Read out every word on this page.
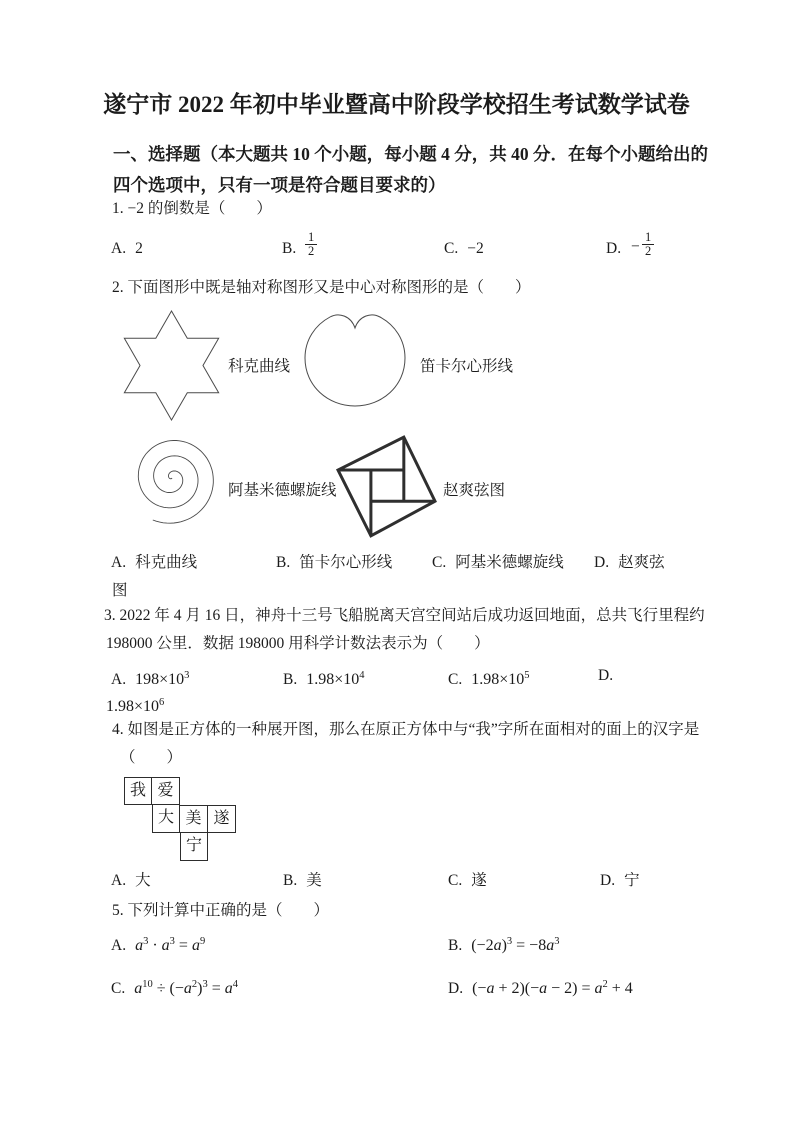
遂宁市 2022 年初中毕业暨高中阶段学校招生考试数学试卷
一、选择题（本大题共 10 个小题，每小题 4 分，共 40 分．在每个小题给出的
四个选项中，只有一项是符合题目要求的）
1. −2 的倒数是（　　）
A. 2	B. $\frac{1}{2}$	C. −2	D. − $\frac{1}{2}$
2. 下面图形中既是轴对称图形又是中心对称图形的是（　　）
科克曲线	笛卡尔心形线
阿基米德螺旋线	赵爽弦图
A. 科克曲线	B. 笛卡尔心形线	C. 阿基米德螺旋线 D. 赵爽弦
图
3. 2022 年 4 月 16 日，神舟十三号飞船脱离天宫空间站后成功返回地面，总共飞行里程约
198000 公里．数据 198000 用科学计数法表示为（　　）
A. $198\times 10^3$	B. $1.98\times 10^4$	C. $1.98\times 10^5$	D.
$1.98\times 10^6$
4. 如图是正方体的一种展开图，那么在原正方体中与“我”字所在面相对的面上的汉字是
（　　）
我 爱
大 美 遂
宁
A. 大	B. 美	C. 遂	D. 宁
5. 下列计算中正确的是（　　）
A. $a^3 \cdot a^3 = a^9$	B. $(-2a)^3 = -8a^3$
C. $a^{10} \div (-a^2)^3 = a^4$	D. $(-a + 2)(-a - 2) = a^2 + 4$
